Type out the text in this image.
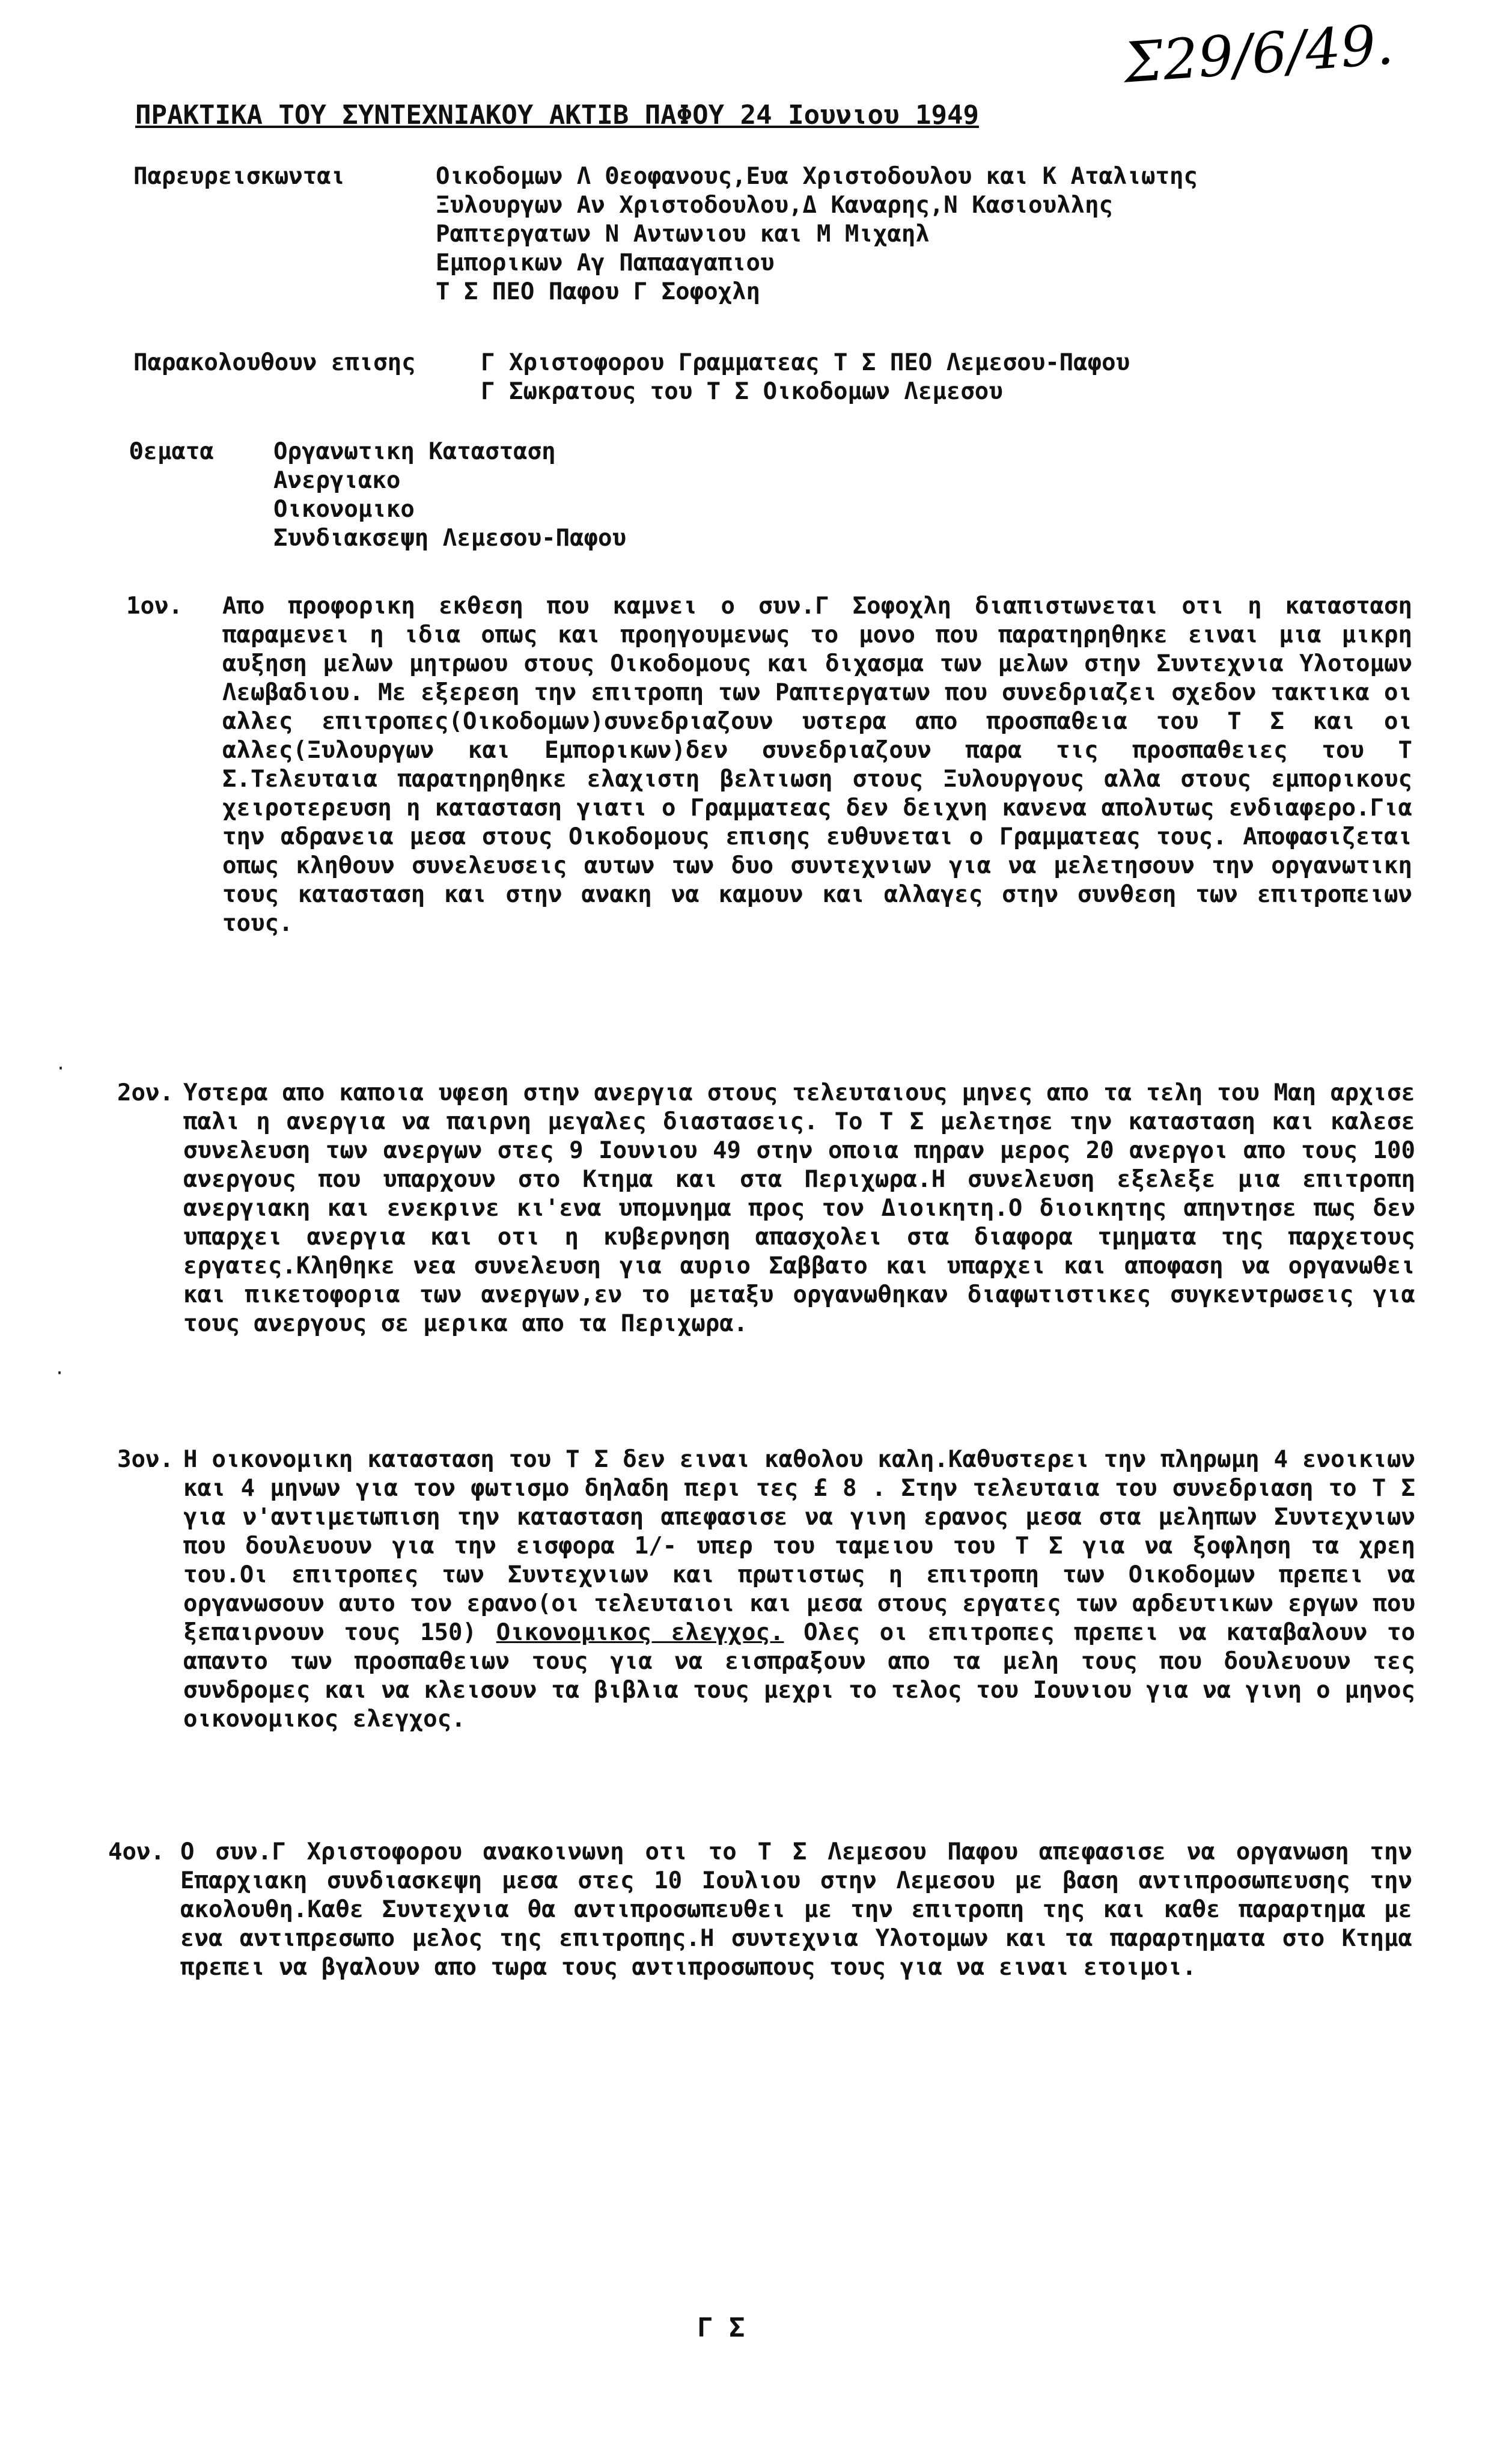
Σ29/6/49.
ΠΡΑΚΤΙΚΑ ΤΟΥ ΣΥΝΤΕΧΝΙΑΚΟΥ ΑΚΤΙΒ ΠΑΦΟΥ 24 Ιουνιου 1949
Παρευρεισκωνται	Οικοδομων Λ Θεοφανους,Ευα Χριστοδουλου και Κ Αταλιωτης
Ξυλουργων Αν Χριστοδουλου,Δ Καναρης,Ν Κασιουλλης
Ραπτεργατων Ν Αντωνιου και Μ Μιχαηλ
Εμπορικων Αγ Παπααγαπιου
Τ Σ ΠΕΟ Παφου Γ Σοφοχλη
Παρακολουθουν επισης	Γ Χριστοφορου Γραμματεας Τ Σ ΠΕΟ Λεμεσου-Παφου
Γ Σωκρατους του Τ Σ Οικοδομων Λεμεσου
Θεματα	Οργανωτικη Κατασταση
Ανεργιακο
Οικονομικο
Συνδιακσεψη Λεμεσου-Παφου
1ον. Απο προφορικη εκθεση που καμνει ο συν.Γ Σοφοχλη διαπιστωνεται οτι η κατασταση παραμενει η ιδια οπως και προηγουμενως το μονο που παρατηρηθηκε ειναι μια μικρη αυξηση μελων μητρωου στους Οικοδομους και διχασμα των μελων στην Συντεχνια Υλοτομων Λεωβαδιου. Με εξερεση την επιτροπη των Ραπτεργατων που συνεδριαζει σχεδον τακτικα οι αλλες επιτροπες(Οικοδομων)συνεδριαζουν υστερα απο προσπαθεια του Τ Σ και οι αλλες(Ξυλουργων και Εμπορικων)δεν συνεδριαζουν παρα τις προσπαθειες του Τ Σ.Τελευταια παρατηρηθηκε ελαχιστη βελτιωση στους Ξυλουργους αλλα στους εμπορικους χειροτερευση η κατασταση γιατι ο Γραμματεας δεν δειχνη κανενα απολυτως ενδιαφερο.Για την αδρανεια μεσα στους Οικοδομους επισης ευθυνεται ο Γραμματεας τους. Αποφασιζεται οπως κληθουν συνελευσεις αυτων των δυο συντεχνιων για να μελετησουν την οργανωτικη τους κατασταση και στην ανακη να καμουν και αλλαγες στην συνθεση των επιτροπειων τους.
2ον. Υστερα απο καποια υφεση στην ανεργια στους τελευταιους μηνες απο τα τελη του Μαη αρχισε παλι η ανεργια να παιρνη μεγαλες διαστασεις. Το Τ Σ μελετησε την κατασταση και καλεσε συνελευση των ανεργων στες 9 Ιουνιου 49 στην οποια πηραν μερος 20 ανεργοι απο τους 100 ανεργους που υπαρχουν στο Κτημα και στα Περιχωρα.Η συνελευση εξελεξε μια επιτροπη ανεργιακη και ενεκρινε κι'ενα υπομνημα προς τον Διοικητη.Ο διοικητης απηντησε πως δεν υπαρχει ανεργια και οτι η κυβερνηση απασχολει στα διαφορα τμηματα της παρχετους εργατες.Κληθηκε νεα συνελευση για αυριο Σαββατο και υπαρχει και αποφαση να οργανωθει και πικετοφορια των ανεργων,εν το μεταξυ οργανωθηκαν διαφωτιστικες συγκεντρωσεις για τους ανεργους σε μερικα απο τα Περιχωρα.
3ον. Η οικονομικη κατασταση του Τ Σ δεν ειναι καθολου καλη.Καθυστερει την πληρωμη 4 ενοικιων και 4 μηνων για τον φωτισμο δηλαδη περι τες £ 8 . Στην τελευταια του συνεδριαση το Τ Σ για ν'αντιμετωπιση την κατασταση απεφασισε να γινη ερανος μεσα στα μεληπων Συντεχνιων που δουλευουν για την εισφορα 1/- υπερ του ταμειου του Τ Σ για να ξοφληση τα χρεη του.Οι επιτροπες των Συντεχνιων και πρωτιστως η επιτροπη των Οικοδομων πρεπει να οργανωσουν αυτο τον ερανο(οι τελευταιοι και μεσα στους εργατες των αρδευτικων εργων που ξεπαιρνουν τους 150) Οικονομικος ελεγχος. Ολες οι επιτροπες πρεπει να καταβαλουν το απαντο των προσπαθειων τους για να εισπραξουν απο τα μελη τους που δουλευουν τες συνδρομες και να κλεισουν τα βιβλια τους μεχρι το τελος του Ιουνιου για να γινη ο μηνος οικονομικος ελεγχος.
4ον. Ο συν.Γ Χριστοφορου ανακοινωνη οτι το Τ Σ Λεμεσου Παφου απεφασισε να οργανωση την Επαρχιακη συνδιασκεψη μεσα στες 10 Ιουλιου στην Λεμεσου με βαση αντιπροσωπευσης την ακολουθη.Καθε Συντεχνια θα αντιπροσωπευθει με την επιτροπη της και καθε παραρτημα με ενα αντιπρεσωπο μελος της επιτροπης.Η συντεχνια Υλοτομων και τα παραρτηματα στο Κτημα πρεπει να βγαλουν απο τωρα τους αντιπροσωπους τους για να ειναι ετοιμοι.
Γ Σ
·
·
